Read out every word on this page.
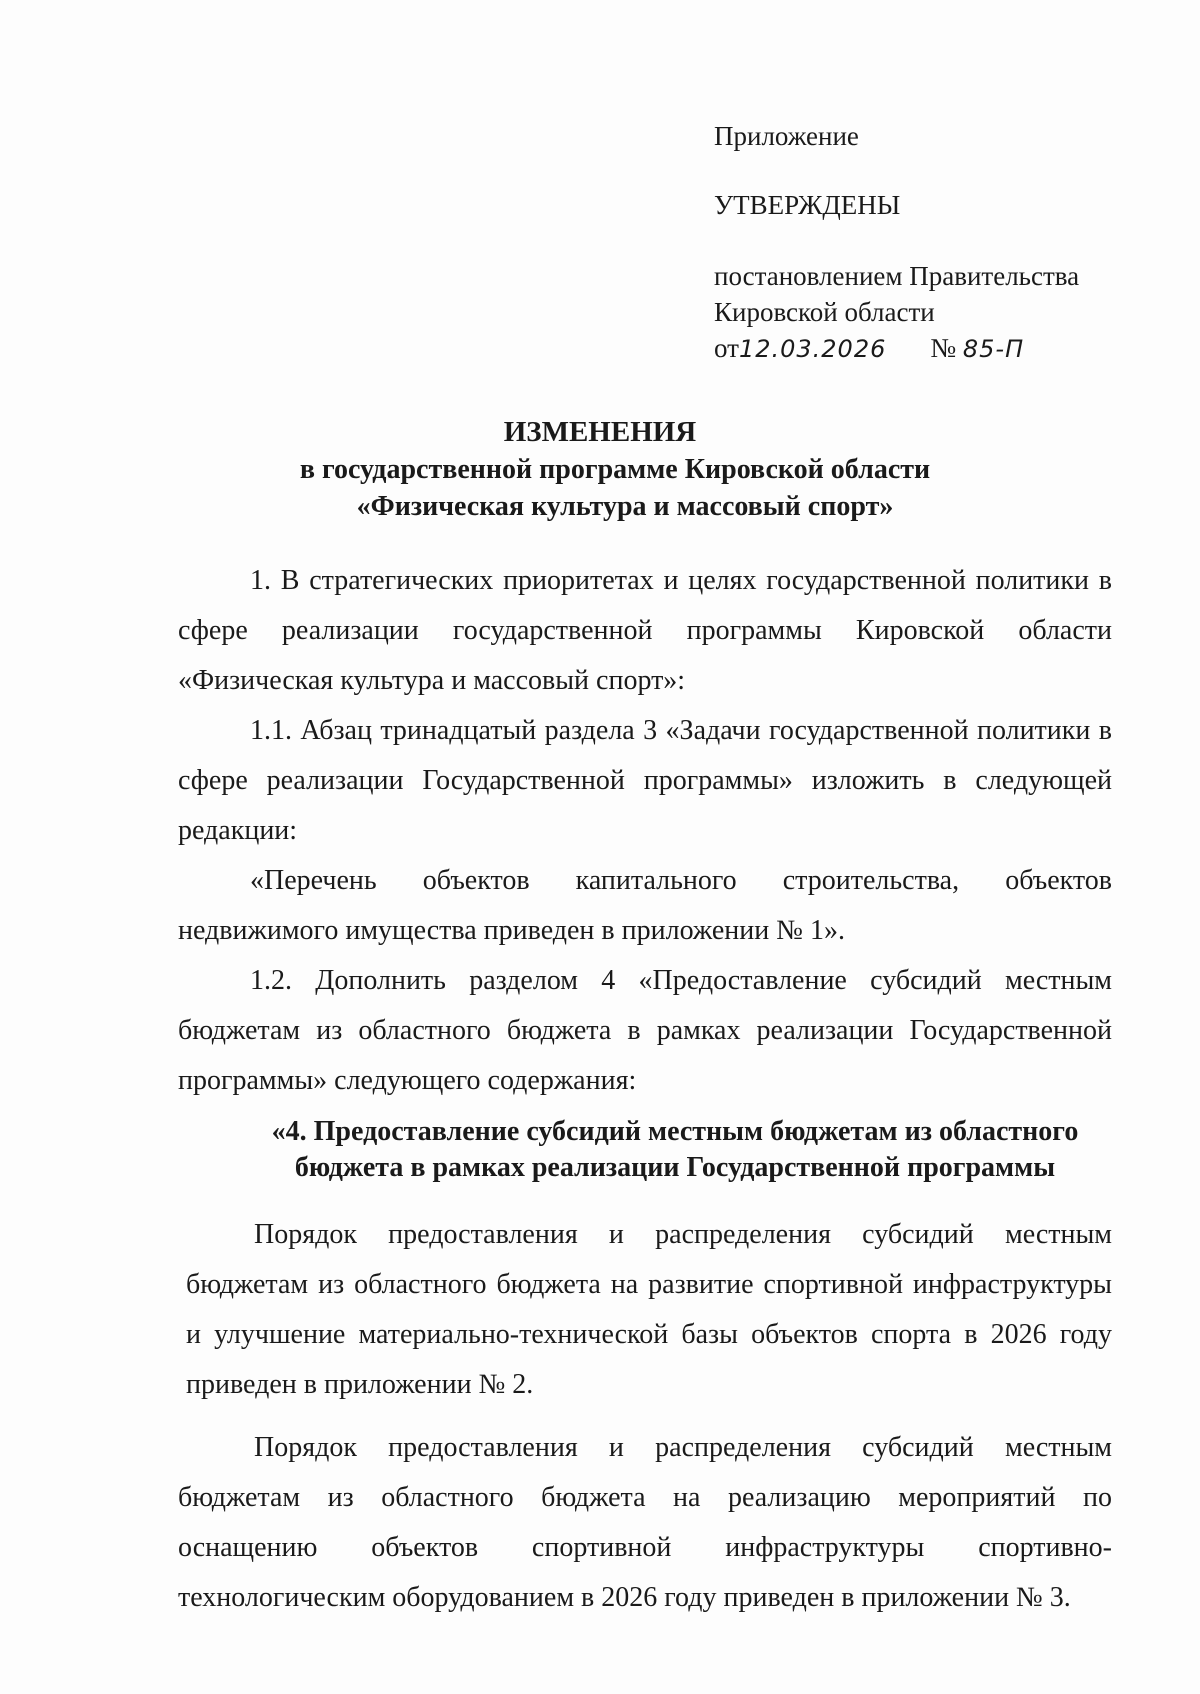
Приложение

УТВЕРЖДЕНЫ

постановлением Правительства

Кировской области

от12.03.2026 № 85-П

ИЗМЕНЕНИЯ
в государственной программе Кировской области
«Физическая культура и массовый спорт»

1. В стратегических приоритетах и целях государственной политики в сфере реализации государственной программы Кировской области «Физическая культура и массовый спорт»:

1.1. Абзац тринадцатый раздела 3 «Задачи государственной политики в сфере реализации Государственной программы» изложить в следующей редакции:

«Перечень объектов капитального строительства, объектов недвижимого имущества приведен в приложении № 1».

1.2. Дополнить разделом 4 «Предоставление субсидий местным бюджетам из областного бюджета в рамках реализации Государственной программы» следующего содержания:

«4. Предоставление субсидий местным бюджетам из областного
бюджета в рамках реализации Государственной программы

Порядок предоставления и распределения субсидий местным бюджетам из областного бюджета на развитие спортивной инфраструктуры и улучшение материально-технической базы объектов спорта в 2026 году приведен в приложении № 2.

Порядок предоставления и распределения субсидий местным бюджетам из областного бюджета на реализацию мероприятий по оснащению объектов спортивной инфраструктуры спортивно-технологическим оборудованием в 2026 году приведен в приложении № 3.
